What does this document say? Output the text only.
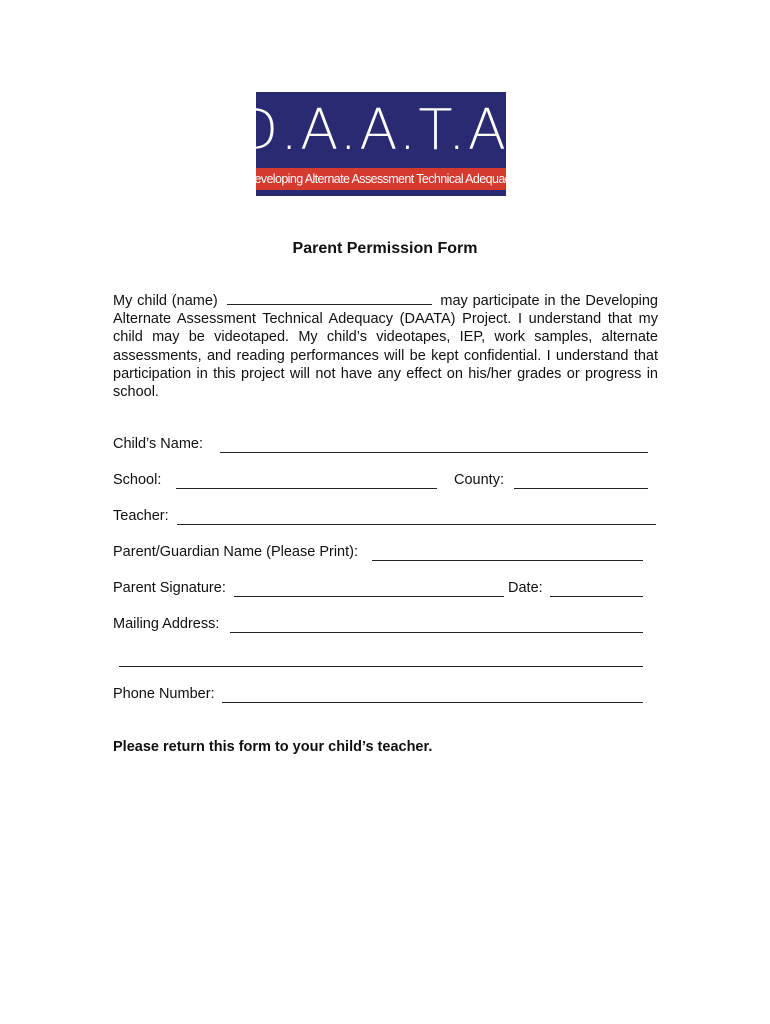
D.A.A.T.A.
Developing Alternate Assessment Technical Adequacy
Parent Permission Form
My child (name)	may participate in the Developing Alternate Assessment Technical Adequacy (DAATA) Project. I understand that my child may be videotaped. My child’s videotapes, IEP, work samples, alternate assessments, and reading performances will be kept confidential. I understand that participation in this project will not have any effect on his/her grades or progress in school.
Child’s Name:
School:	County:
Teacher:
Parent/Guardian Name (Please Print):
Parent Signature:	Date:
Mailing Address:
Phone Number:
Please return this form to your child’s teacher.
